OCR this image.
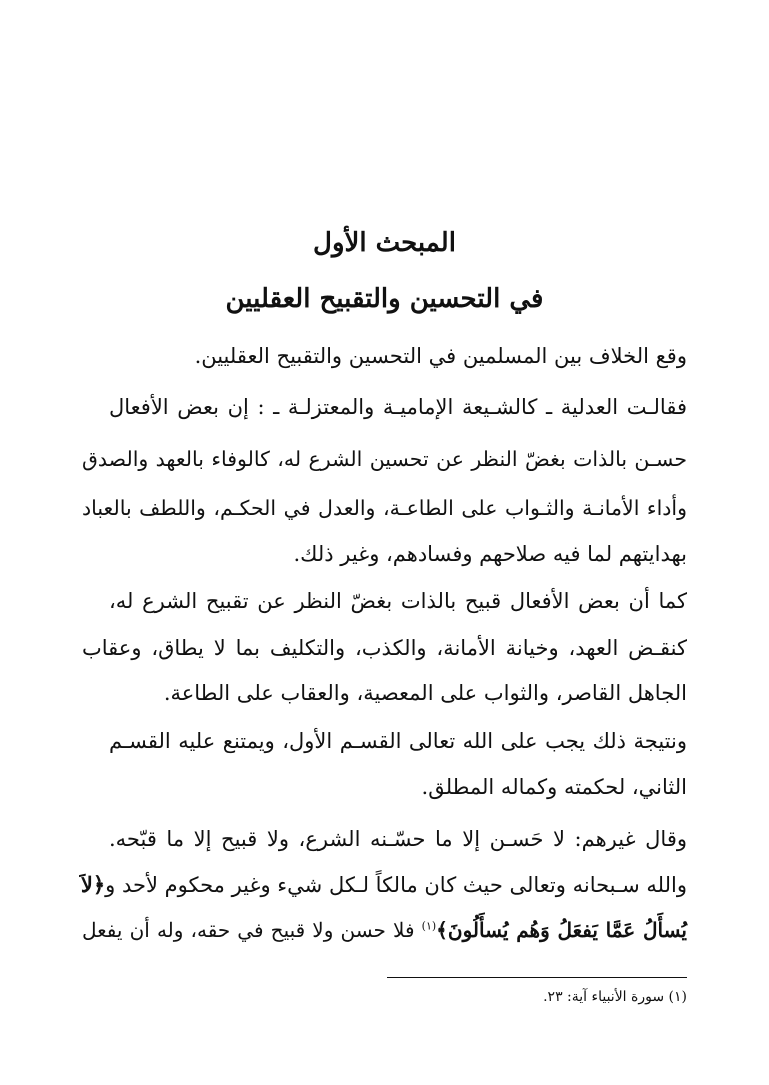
المبحث الأول
في التحسين والتقبيح العقليين
وقع الخلاف بين المسلمين في التحسين والتقبيح العقليين.
فقالـت العدلية ـ كالشـيعة الإماميـة والمعتزلـة ـ : إن بعض الأفعال
حسـن بالذات بغضّ النظر عن تحسين الشرع له، كالوفاء بالعهد والصدق
وأداء الأمانـة والثـواب على الطاعـة، والعدل في الحكـم، واللطف بالعباد
بهدايتهم لما فيه صلاحهم وفسادهم، وغير ذلك.
كما أن بعض الأفعال قبيح بالذات بغضّ النظر عن تقبيح الشرع له،
كنقـض العهد، وخيانة الأمانة، والكذب، والتكليف بما لا يطاق، وعقاب
الجاهل القاصر، والثواب على المعصية، والعقاب على الطاعة.
ونتيجة ذلك يجب على الله تعالى القسـم الأول، ويمتنع عليه القسـم
الثاني، لحكمته وكماله المطلق.
وقال غيرهم: لا حَسـن إلا ما حسّـنه الشرع، ولا قبيح إلا ما قبّحه.
والله سـبحانه وتعالى حيث كان مالكاً لـكل شيء وغير محكوم لأحد و﴿لاَ
يُسأَلُ عَمَّا يَفعَلُ وَهُم يُسأَلُونَ﴾$^{(١)}$ فلا حسن ولا قبيح في حقه، وله أن يفعل
(١) سورة الأنبياء آية: ٢٣.
